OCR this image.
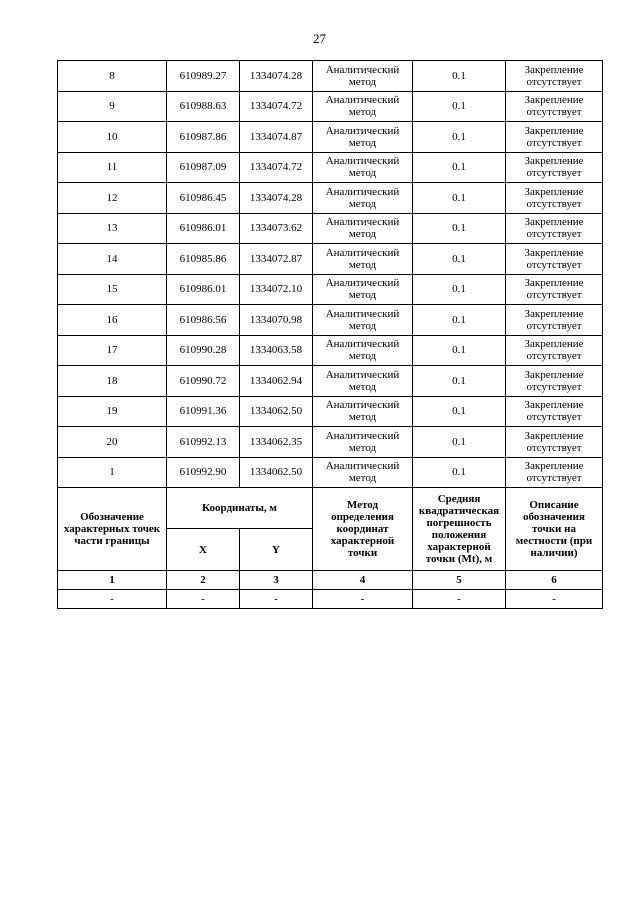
27
8	610989.27	1334074.28	Аналитический метод	0.1	Закрепление отсутствует
9	610988.63	1334074.72	Аналитический метод	0.1	Закрепление отсутствует
10	610987.86	1334074.87	Аналитический метод	0.1	Закрепление отсутствует
11	610987.09	1334074.72	Аналитический метод	0.1	Закрепление отсутствует
12	610986.45	1334074.28	Аналитический метод	0.1	Закрепление отсутствует
13	610986.01	1334073.62	Аналитический метод	0.1	Закрепление отсутствует
14	610985.86	1334072.87	Аналитический метод	0.1	Закрепление отсутствует
15	610986.01	1334072.10	Аналитический метод	0.1	Закрепление отсутствует
16	610986.56	1334070.98	Аналитический метод	0.1	Закрепление отсутствует
17	610990.28	1334063.58	Аналитический метод	0.1	Закрепление отсутствует
18	610990.72	1334062.94	Аналитический метод	0.1	Закрепление отсутствует
19	610991.36	1334062.50	Аналитический метод	0.1	Закрепление отсутствует
20	610992.13	1334062.35	Аналитический метод	0.1	Закрепление отсутствует
1	610992.90	1334062.50	Аналитический метод	0.1	Закрепление отсутствует
Обозначение характерных точек части границы	Координаты, м		Метод определения координат характерной точки	Средняя квадратическая погрешность положения характерной точки (Mt), м	Описание обозначения точки на местности (при наличии)
	X	Y			
1	2	3	4	5	6
-	-	-	-	-	-
